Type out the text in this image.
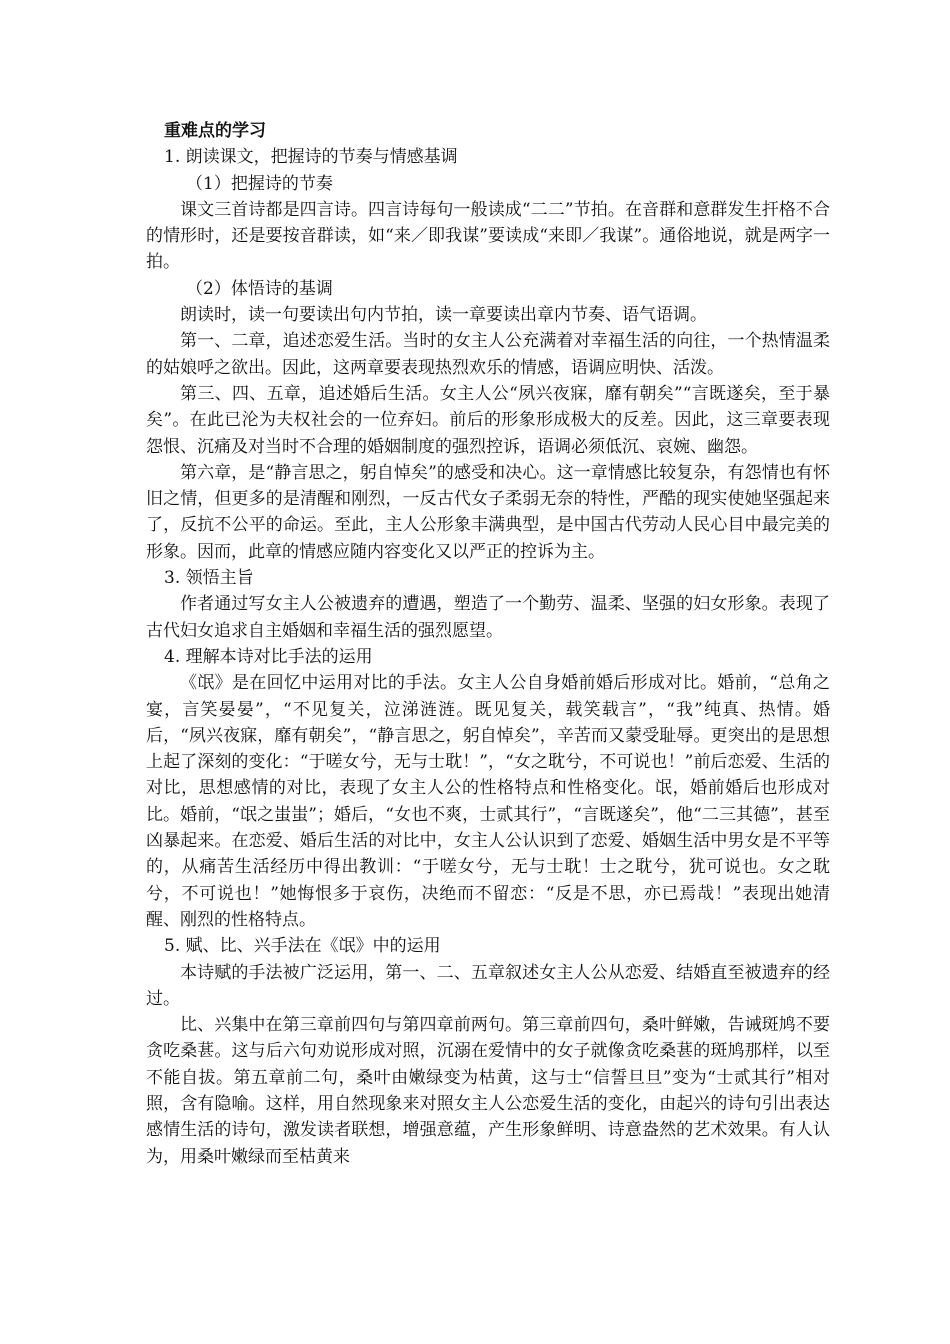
重难点的学习

1. 朗读课文，把握诗的节奏与情感基调

（1）把握诗的节奏

课文三首诗都是四言诗。四言诗每句一般读成“二二”节拍。在音群和意群发生扞格不合的情形时，还是要按音群读，如“来／即我谋”要读成“来即／我谋”。通俗地说，就是两字一拍。

（2）体悟诗的基调

朗读时，读一句要读出句内节拍，读一章要读出章内节奏、语气语调。

第一、二章，追述恋爱生活。当时的女主人公充满着对幸福生活的向往，一个热情温柔的姑娘呼之欲出。因此，这两章要表现热烈欢乐的情感，语调应明快、活泼。

第三、四、五章，追述婚后生活。女主人公“夙兴夜寐，靡有朝矣”“言既遂矣，至于暴矣”。在此已沦为夫权社会的一位弃妇。前后的形象形成极大的反差。因此，这三章要表现怨恨、沉痛及对当时不合理的婚姻制度的强烈控诉，语调必须低沉、哀婉、幽怨。

第六章，是“静言思之，躬自悼矣”的感受和决心。这一章情感比较复杂，有怨情也有怀旧之情，但更多的是清醒和刚烈，一反古代女子柔弱无奈的特性，严酷的现实使她坚强起来了，反抗不公平的命运。至此，主人公形象丰满典型，是中国古代劳动人民心目中最完美的形象。因而，此章的情感应随内容变化又以严正的控诉为主。

3. 领悟主旨

作者通过写女主人公被遗弃的遭遇，塑造了一个勤劳、温柔、坚强的妇女形象。表现了古代妇女追求自主婚姻和幸福生活的强烈愿望。

4. 理解本诗对比手法的运用

《氓》是在回忆中运用对比的手法。女主人公自身婚前婚后形成对比。婚前，“总角之宴，言笑晏晏”，“不见复关，泣涕涟涟。既见复关，载笑载言”，“我”纯真、热情。婚后，“夙兴夜寐，靡有朝矣”，“静言思之，躬自悼矣”，辛苦而又蒙受耻辱。更突出的是思想上起了深刻的变化：“于嗟女兮，无与士耽！”，“女之耽兮，不可说也！”前后恋爱、生活的对比，思想感情的对比，表现了女主人公的性格特点和性格变化。氓，婚前婚后也形成对比。婚前，“氓之蚩蚩”；婚后，“女也不爽，士贰其行”，“言既遂矣”，他“二三其德”，甚至凶暴起来。在恋爱、婚后生活的对比中，女主人公认识到了恋爱、婚姻生活中男女是不平等的，从痛苦生活经历中得出教训：“于嗟女兮，无与士耽！士之耽兮，犹可说也。女之耽兮，不可说也！”她悔恨多于哀伤，决绝而不留恋：“反是不思，亦已焉哉！”表现出她清醒、刚烈的性格特点。

5. 赋、比、兴手法在《氓》中的运用

本诗赋的手法被广泛运用，第一、二、五章叙述女主人公从恋爱、结婚直至被遗弃的经过。

比、兴集中在第三章前四句与第四章前两句。第三章前四句，桑叶鲜嫩，告诫斑鸠不要贪吃桑葚。这与后六句劝说形成对照，沉溺在爱情中的女子就像贪吃桑葚的斑鸠那样，以至不能自拔。第五章前二句，桑叶由嫩绿变为枯黄，这与士“信誓旦旦”变为“士贰其行”相对照，含有隐喻。这样，用自然现象来对照女主人公恋爱生活的变化，由起兴的诗句引出表达感情生活的诗句，激发读者联想，增强意蕴，产生形象鲜明、诗意盎然的艺术效果。有人认为，用桑叶嫩绿而至枯黄来
